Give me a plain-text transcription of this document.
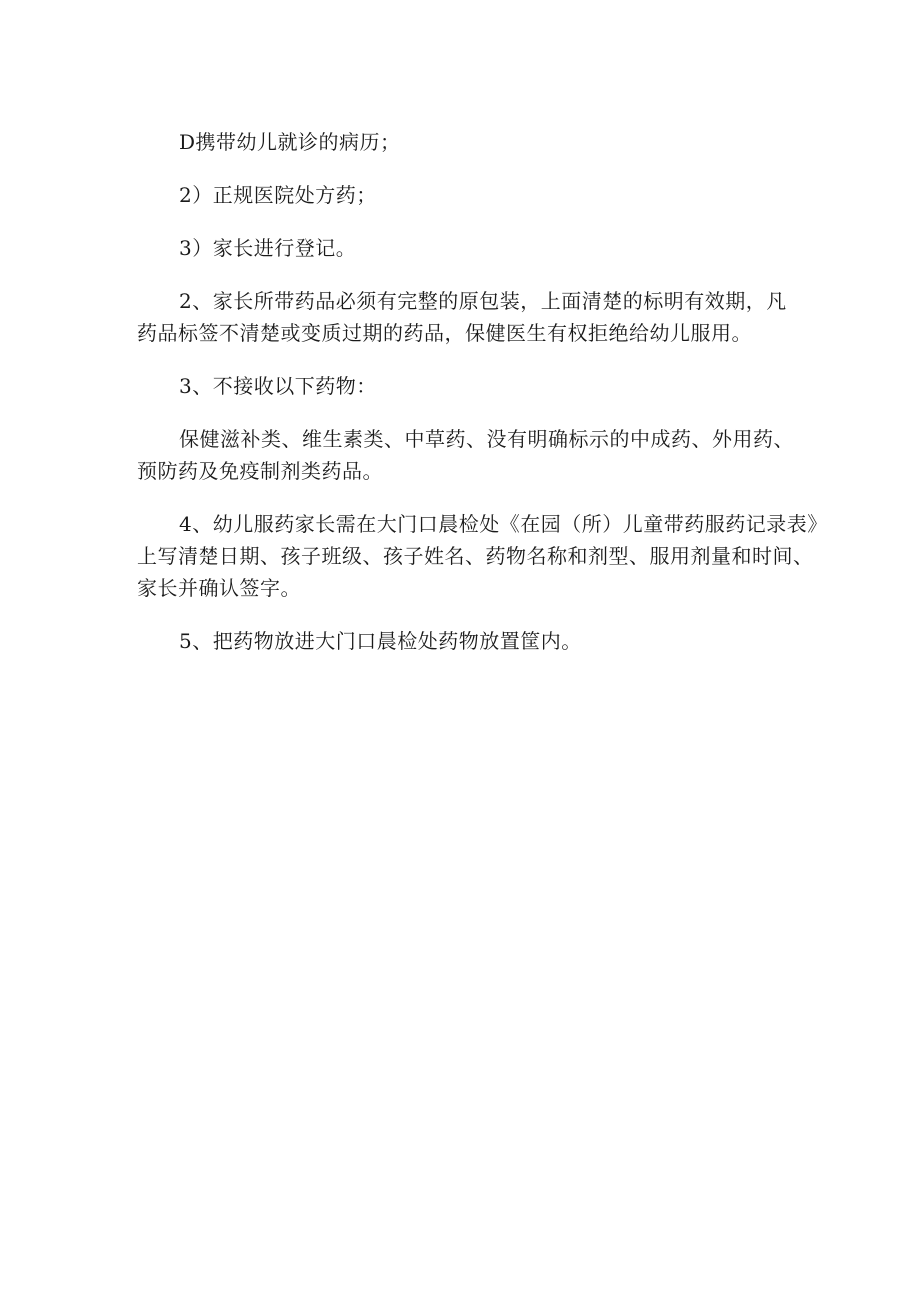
D携带幼儿就诊的病历；

2）正规医院处方药；

3）家长进行登记。

2、家长所带药品必须有完整的原包装，上面清楚的标明有效期，凡
药品标签不清楚或变质过期的药品，保健医生有权拒绝给幼儿服用。

3、不接收以下药物：

保健滋补类、维生素类、中草药、没有明确标示的中成药、外用药、
预防药及免疫制剂类药品。

4、幼儿服药家长需在大门口晨检处《在园（所）儿童带药服药记录表》
上写清楚日期、孩子班级、孩子姓名、药物名称和剂型、服用剂量和时间、
家长并确认签字。

5、把药物放进大门口晨检处药物放置筐内。
